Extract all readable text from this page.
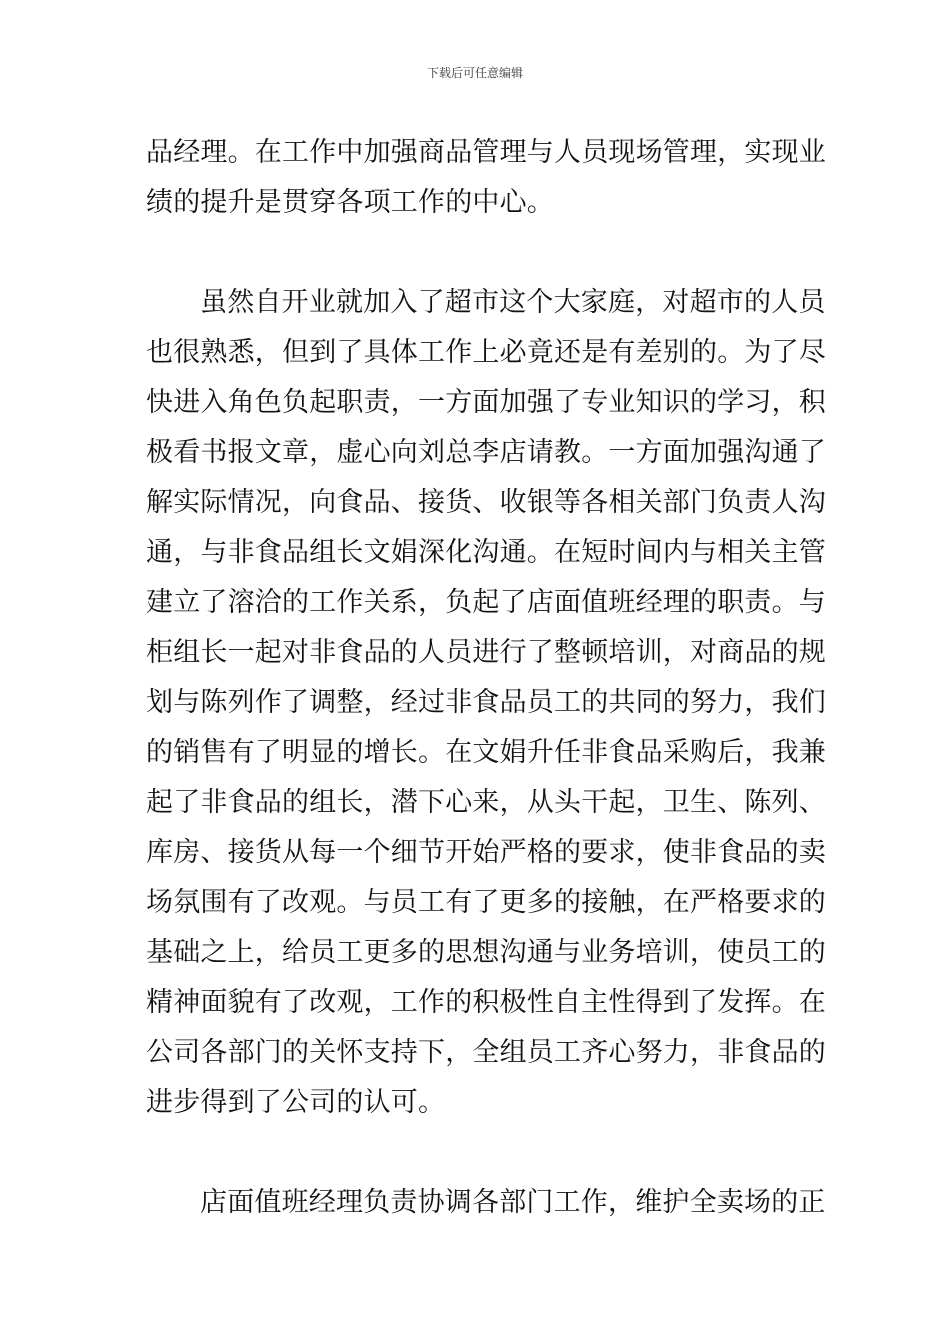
下载后可任意编辑
品经理。在工作中加强商品管理与人员现场管理，实现业
绩的提升是贯穿各项工作的中心。
虽然自开业就加入了超市这个大家庭，对超市的人员
也很熟悉，但到了具体工作上必竟还是有差别的。为了尽
快进入角色负起职责，一方面加强了专业知识的学习，积
极看书报文章，虚心向刘总李店请教。一方面加强沟通了
解实际情况，向食品、接货、收银等各相关部门负责人沟
通，与非食品组长文娟深化沟通。在短时间内与相关主管
建立了溶洽的工作关系，负起了店面值班经理的职责。与
柜组长一起对非食品的人员进行了整顿培训，对商品的规
划与陈列作了调整，经过非食品员工的共同的努力，我们
的销售有了明显的增长。在文娟升任非食品采购后，我兼
起了非食品的组长，潜下心来，从头干起，卫生、陈列、
库房、接货从每一个细节开始严格的要求，使非食品的卖
场氛围有了改观。与员工有了更多的接触，在严格要求的
基础之上，给员工更多的思想沟通与业务培训，使员工的
精神面貌有了改观，工作的积极性自主性得到了发挥。在
公司各部门的关怀支持下，全组员工齐心努力，非食品的
进步得到了公司的认可。
店面值班经理负责协调各部门工作，维护全卖场的正
